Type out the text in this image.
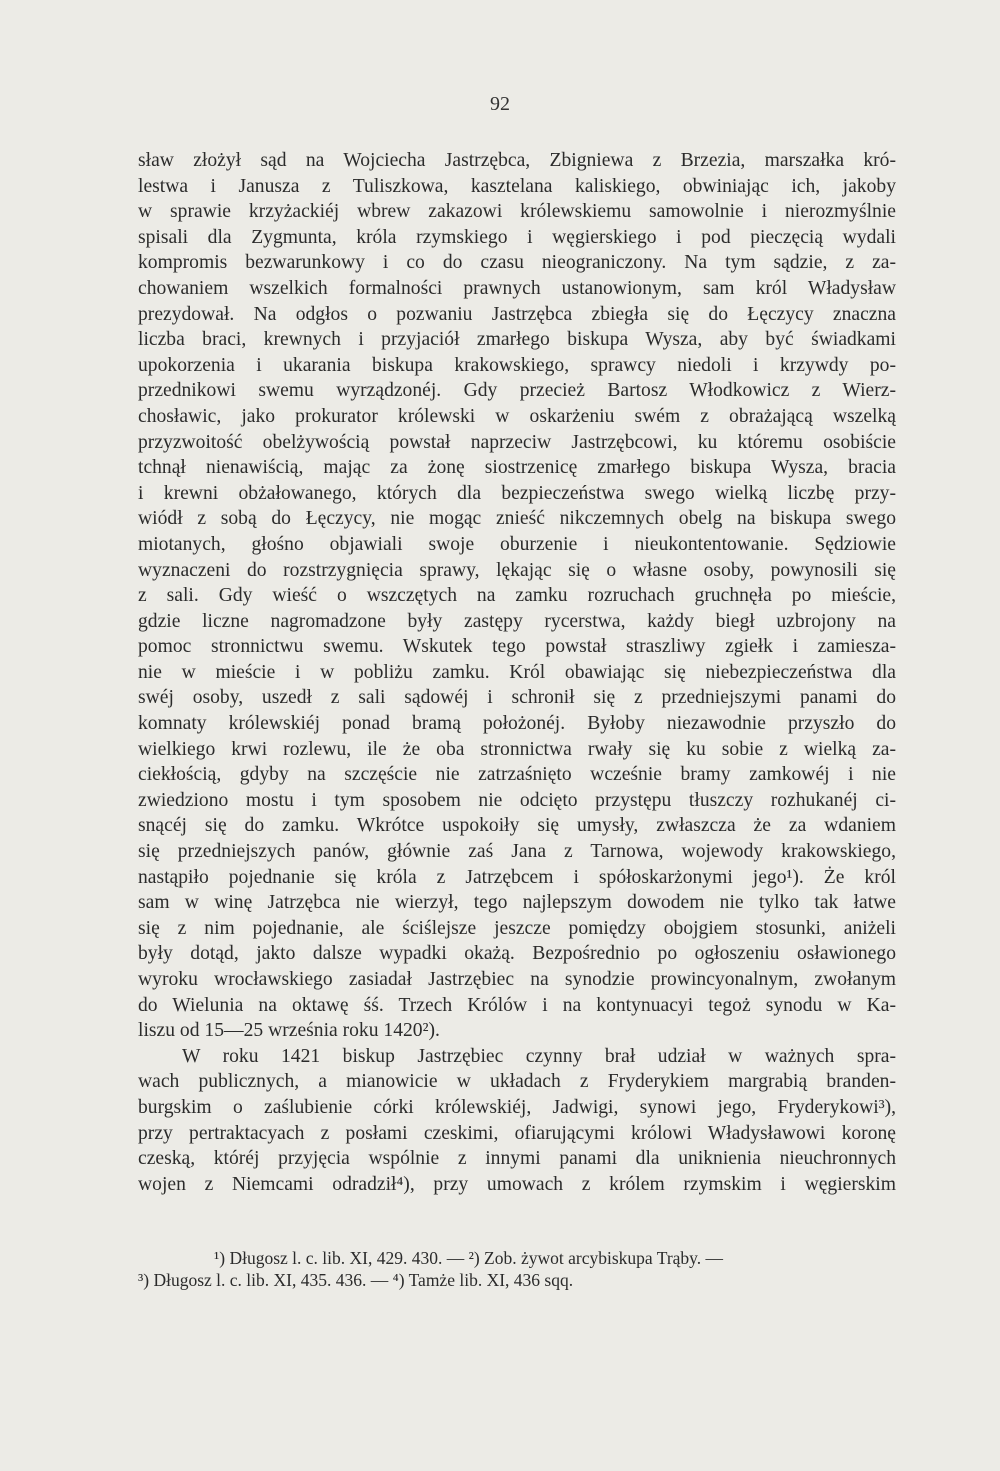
92
sław złożył sąd na Wojciecha Jastrzębca, Zbigniewa z Brzezia, marszałka kró-
lestwa i Janusza z Tuliszkowa, kasztelana kaliskiego, obwiniając ich, jakoby
w sprawie krzyżackiéj wbrew zakazowi królewskiemu samowolnie i nierozmyślnie
spisali dla Zygmunta, króla rzymskiego i węgierskiego i pod pieczęcią wydali
kompromis bezwarunkowy i co do czasu nieograniczony. Na tym sądzie, z za-
chowaniem wszelkich formalności prawnych ustanowionym, sam król Władysław
prezydował. Na odgłos o pozwaniu Jastrzębca zbiegła się do Łęczycy znaczna
liczba braci, krewnych i przyjaciół zmarłego biskupa Wysza, aby być świadkami
upokorzenia i ukarania biskupa krakowskiego, sprawcy niedoli i krzywdy po-
przednikowi swemu wyrządzonéj. Gdy przecież Bartosz Włodkowicz z Wierz-
chosławic, jako prokurator królewski w oskarżeniu swém z obrażającą wszelką
przyzwoitość obelżywością powstał naprzeciw Jastrzębcowi, ku któremu osobiście
tchnął nienawiścią, mając za żonę siostrzenicę zmarłego biskupa Wysza, bracia
i krewni obżałowanego, których dla bezpieczeństwa swego wielką liczbę przy-
wiódł z sobą do Łęczycy, nie mogąc znieść nikczemnych obelg na biskupa swego
miotanych, głośno objawiali swoje oburzenie i nieukontentowanie. Sędziowie
wyznaczeni do rozstrzygnięcia sprawy, lękając się o własne osoby, powynosili się
z sali. Gdy wieść o wszczętych na zamku rozruchach gruchnęła po mieście,
gdzie liczne nagromadzone były zastępy rycerstwa, każdy biegł uzbrojony na
pomoc stronnictwu swemu. Wskutek tego powstał straszliwy zgiełk i zamiesza-
nie w mieście i w pobliżu zamku. Król obawiając się niebezpieczeństwa dla
swéj osoby, uszedł z sali sądowéj i schronił się z przedniejszymi panami do
komnaty królewskiéj ponad bramą położonéj. Byłoby niezawodnie przyszło do
wielkiego krwi rozlewu, ile że oba stronnictwa rwały się ku sobie z wielką za-
ciekłością, gdyby na szczęście nie zatrzaśnięto wcześnie bramy zamkowéj i nie
zwiedziono mostu i tym sposobem nie odcięto przystępu tłuszczy rozhukanéj ci-
snącéj się do zamku. Wkrótce uspokoiły się umysły, zwłaszcza że za wdaniem
się przedniejszych panów, głównie zaś Jana z Tarnowa, wojewody krakowskiego,
nastąpiło pojednanie się króla z Jatrzębcem i spółoskarżonymi jego¹). Że król
sam w winę Jatrzębca nie wierzył, tego najlepszym dowodem nie tylko tak łatwe
się z nim pojednanie, ale ściślejsze jeszcze pomiędzy obojgiem stosunki, aniżeli
były dotąd, jakto dalsze wypadki okażą. Bezpośrednio po ogłoszeniu osławionego
wyroku wrocławskiego zasiadał Jastrzębiec na synodzie prowincyonalnym, zwołanym
do Wielunia na oktawę śś. Trzech Królów i na kontynuacyi tegoż synodu w Ka-
liszu od 15—25 września roku 1420²).
W roku 1421 biskup Jastrzębiec czynny brał udział w ważnych spra-
wach publicznych, a mianowicie w układach z Fryderykiem margrabią branden-
burgskim o zaślubienie córki królewskiéj, Jadwigi, synowi jego, Fryderykowi³),
przy pertraktacyach z posłami czeskimi, ofiarującymi królowi Władysławowi koronę
czeską, któréj przyjęcia wspólnie z innymi panami dla uniknienia nieuchronnych
wojen z Niemcami odradził⁴), przy umowach z królem rzymskim i węgierskim
¹) Długosz l. c. lib. XI, 429. 430. — ²) Zob. żywot arcybiskupa Trąby. —
³) Długosz l. c. lib. XI, 435. 436. — ⁴) Tamże lib. XI, 436 sqq.
